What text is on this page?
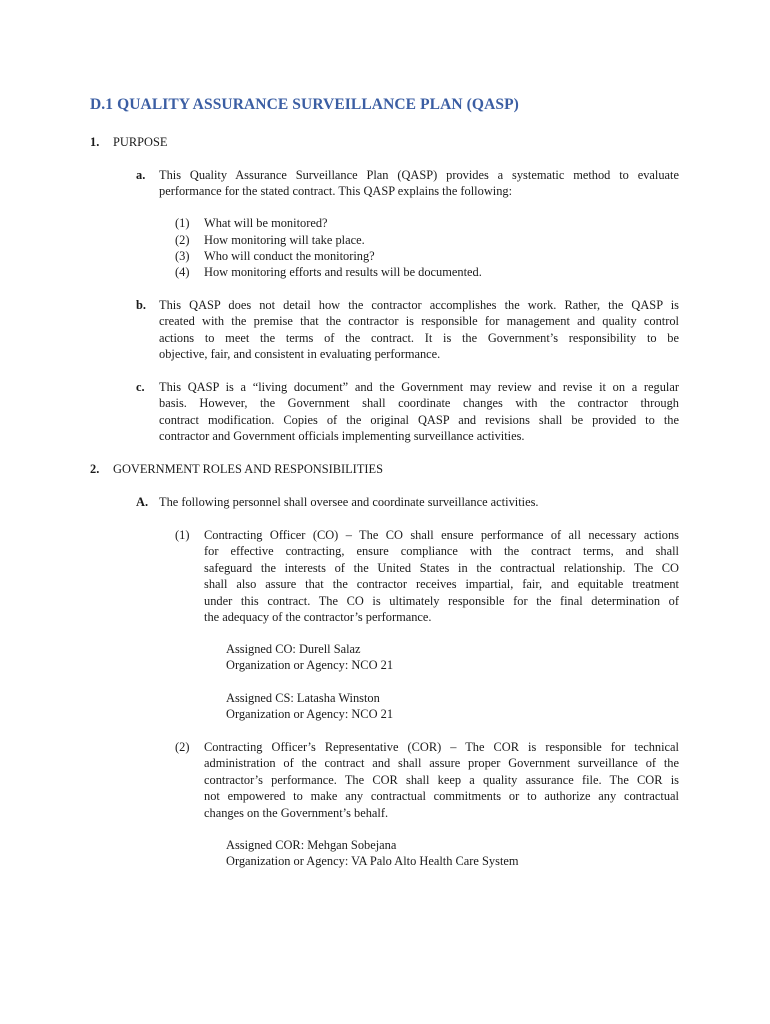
D.1 QUALITY ASSURANCE SURVEILLANCE PLAN (QASP)
1. PURPOSE
a. This Quality Assurance Surveillance Plan (QASP) provides a systematic method to evaluate
performance for the stated contract. This QASP explains the following:
(1) What will be monitored?
(2) How monitoring will take place.
(3) Who will conduct the monitoring?
(4) How monitoring efforts and results will be documented.
b. This QASP does not detail how the contractor accomplishes the work. Rather, the QASP is
created with the premise that the contractor is responsible for management and quality control
actions to meet the terms of the contract. It is the Government’s responsibility to be
objective, fair, and consistent in evaluating performance.
c. This QASP is a “living document” and the Government may review and revise it on a regular
basis. However, the Government shall coordinate changes with the contractor through
contract modification. Copies of the original QASP and revisions shall be provided to the
contractor and Government officials implementing surveillance activities.
2. GOVERNMENT ROLES AND RESPONSIBILITIES
A. The following personnel shall oversee and coordinate surveillance activities.
(1) Contracting Officer (CO) – The CO shall ensure performance of all necessary actions
for effective contracting, ensure compliance with the contract terms, and shall
safeguard the interests of the United States in the contractual relationship. The CO
shall also assure that the contractor receives impartial, fair, and equitable treatment
under this contract. The CO is ultimately responsible for the final determination of
the adequacy of the contractor’s performance.
Assigned CO: Durell Salaz
Organization or Agency: NCO 21
Assigned CS: Latasha Winston
Organization or Agency: NCO 21
(2) Contracting Officer’s Representative (COR) – The COR is responsible for technical
administration of the contract and shall assure proper Government surveillance of the
contractor’s performance. The COR shall keep a quality assurance file. The COR is
not empowered to make any contractual commitments or to authorize any contractual
changes on the Government’s behalf.
Assigned COR: Mehgan Sobejana
Organization or Agency: VA Palo Alto Health Care System
